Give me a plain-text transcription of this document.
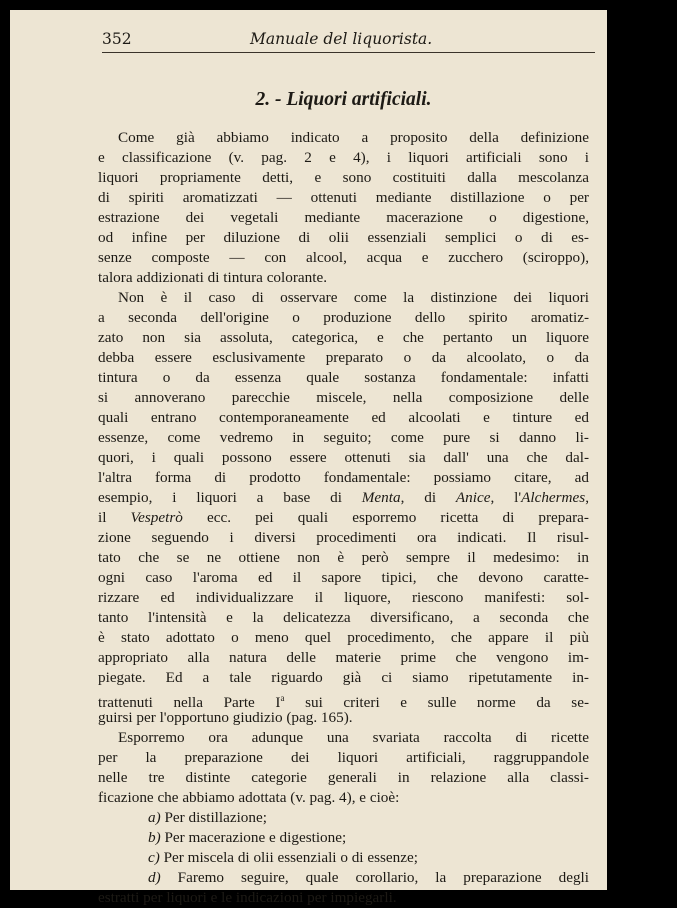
352	Manuale del liquorista.
2. - Liquori artificiali.
Come già abbiamo indicato a proposito della definizione
e classificazione (v. pag. 2 e 4), i liquori artificiali sono i
liquori propriamente detti, e sono costituiti dalla mescolanza
di spiriti aromatizzati — ottenuti mediante distillazione o per
estrazione dei vegetali mediante macerazione o digestione,
od infine per diluzione di olii essenziali semplici o di es-
senze composte — con alcool, acqua e zucchero (sciroppo),
talora addizionati di tintura colorante.
Non è il caso di osservare come la distinzione dei liquori
a seconda dell'origine o produzione dello spirito aromatiz-
zato non sia assoluta, categorica, e che pertanto un liquore
debba essere esclusivamente preparato o da alcoolato, o da
tintura o da essenza quale sostanza fondamentale: infatti
si annoverano parecchie miscele, nella composizione delle
quali entrano contemporaneamente ed alcoolati e tinture ed
essenze, come vedremo in seguito; come pure si danno li-
quori, i quali possono essere ottenuti sia dall' una che dal-
l'altra forma di prodotto fondamentale: possiamo citare, ad
esempio, i liquori a base di Menta, di Anice, l'Alchermes,
il Vespetrò ecc. pei quali esporremo ricetta di prepara-
zione seguendo i diversi procedimenti ora indicati. Il risul-
tato che se ne ottiene non è però sempre il medesimo: in
ogni caso l'aroma ed il sapore tipici, che devono caratte-
rizzare ed individualizzare il liquore, riescono manifesti: sol-
tanto l'intensità e la delicatezza diversificano, a seconda che
è stato adottato o meno quel procedimento, che appare il più
appropriato alla natura delle materie prime che vengono im-
piegate. Ed a tale riguardo già ci siamo ripetutamente in-
trattenuti nella Parte $I^a$ sui criteri e sulle norme da se-
guirsi per l'opportuno giudizio (pag. 165).
Esporremo ora adunque una svariata raccolta di ricette
per la preparazione dei liquori artificiali, raggruppandole
nelle tre distinte categorie generali in relazione alla classi-
ficazione che abbiamo adottata (v. pag. 4), e cioè:
a) Per distillazione;
b) Per macerazione e digestione;
c) Per miscela di olii essenziali o di essenze;
d) Faremo seguire, quale corollario, la preparazione degli
estratti per liquori e le indicazioni per impiegarli.
